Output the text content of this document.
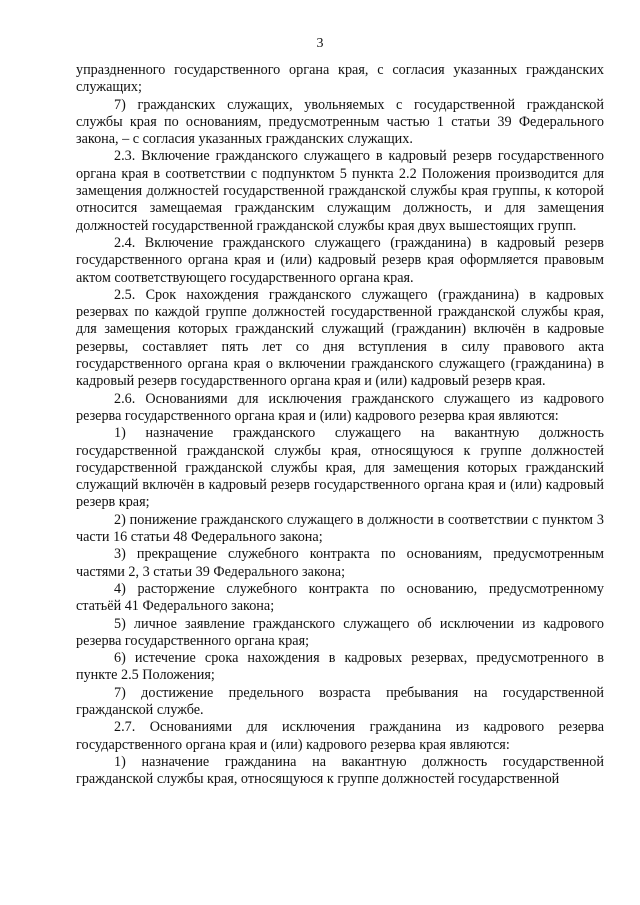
3

упраздненного государственного органа края, с согласия указанных гражданских служащих;

7) гражданских служащих, увольняемых с государственной гражданской службы края по основаниям, предусмотренным частью 1 статьи 39 Федерального закона, – с согласия указанных гражданских служащих.

2.3. Включение гражданского служащего в кадровый резерв государственного органа края в соответствии с подпунктом 5 пункта 2.2 Положения производится для замещения должностей государственной гражданской службы края группы, к которой относится замещаемая гражданским служащим должность, и для замещения должностей государственной гражданской службы края двух вышестоящих групп.

2.4. Включение гражданского служащего (гражданина) в кадровый резерв государственного органа края и (или) кадровый резерв края оформляется правовым актом соответствующего государственного органа края.

2.5. Срок нахождения гражданского служащего (гражданина) в кадровых резервах по каждой группе должностей государственной гражданской службы края, для замещения которых гражданский служащий (гражданин) включён в кадровые резервы, составляет пять лет со дня вступления в силу правового акта государственного органа края о включении гражданского служащего (гражданина) в кадровый резерв государственного органа края и (или) кадровый резерв края.

2.6. Основаниями для исключения гражданского служащего из кадрового резерва государственного органа края и (или) кадрового резерва края являются:

1) назначение гражданского служащего на вакантную должность государственной гражданской службы края, относящуюся к группе должностей государственной гражданской службы края, для замещения которых гражданский служащий включён в кадровый резерв государственного органа края и (или) кадровый резерв края;

2) понижение гражданского служащего в должности в соответствии с пунктом 3 части 16 статьи 48 Федерального закона;

3) прекращение служебного контракта по основаниям, предусмотренным частями 2, 3 статьи 39 Федерального закона;

4) расторжение служебного контракта по основанию, предусмотренному статьёй 41 Федерального закона;

5) личное заявление гражданского служащего об исключении из кадрового резерва государственного органа края;

6) истечение срока нахождения в кадровых резервах, предусмотренного в пункте 2.5 Положения;

7) достижение предельного возраста пребывания на государственной гражданской службе.

2.7. Основаниями для исключения гражданина из кадрового резерва государственного органа края и (или) кадрового резерва края являются:

1) назначение гражданина на вакантную должность государственной гражданской службы края, относящуюся к группе должностей государственной
